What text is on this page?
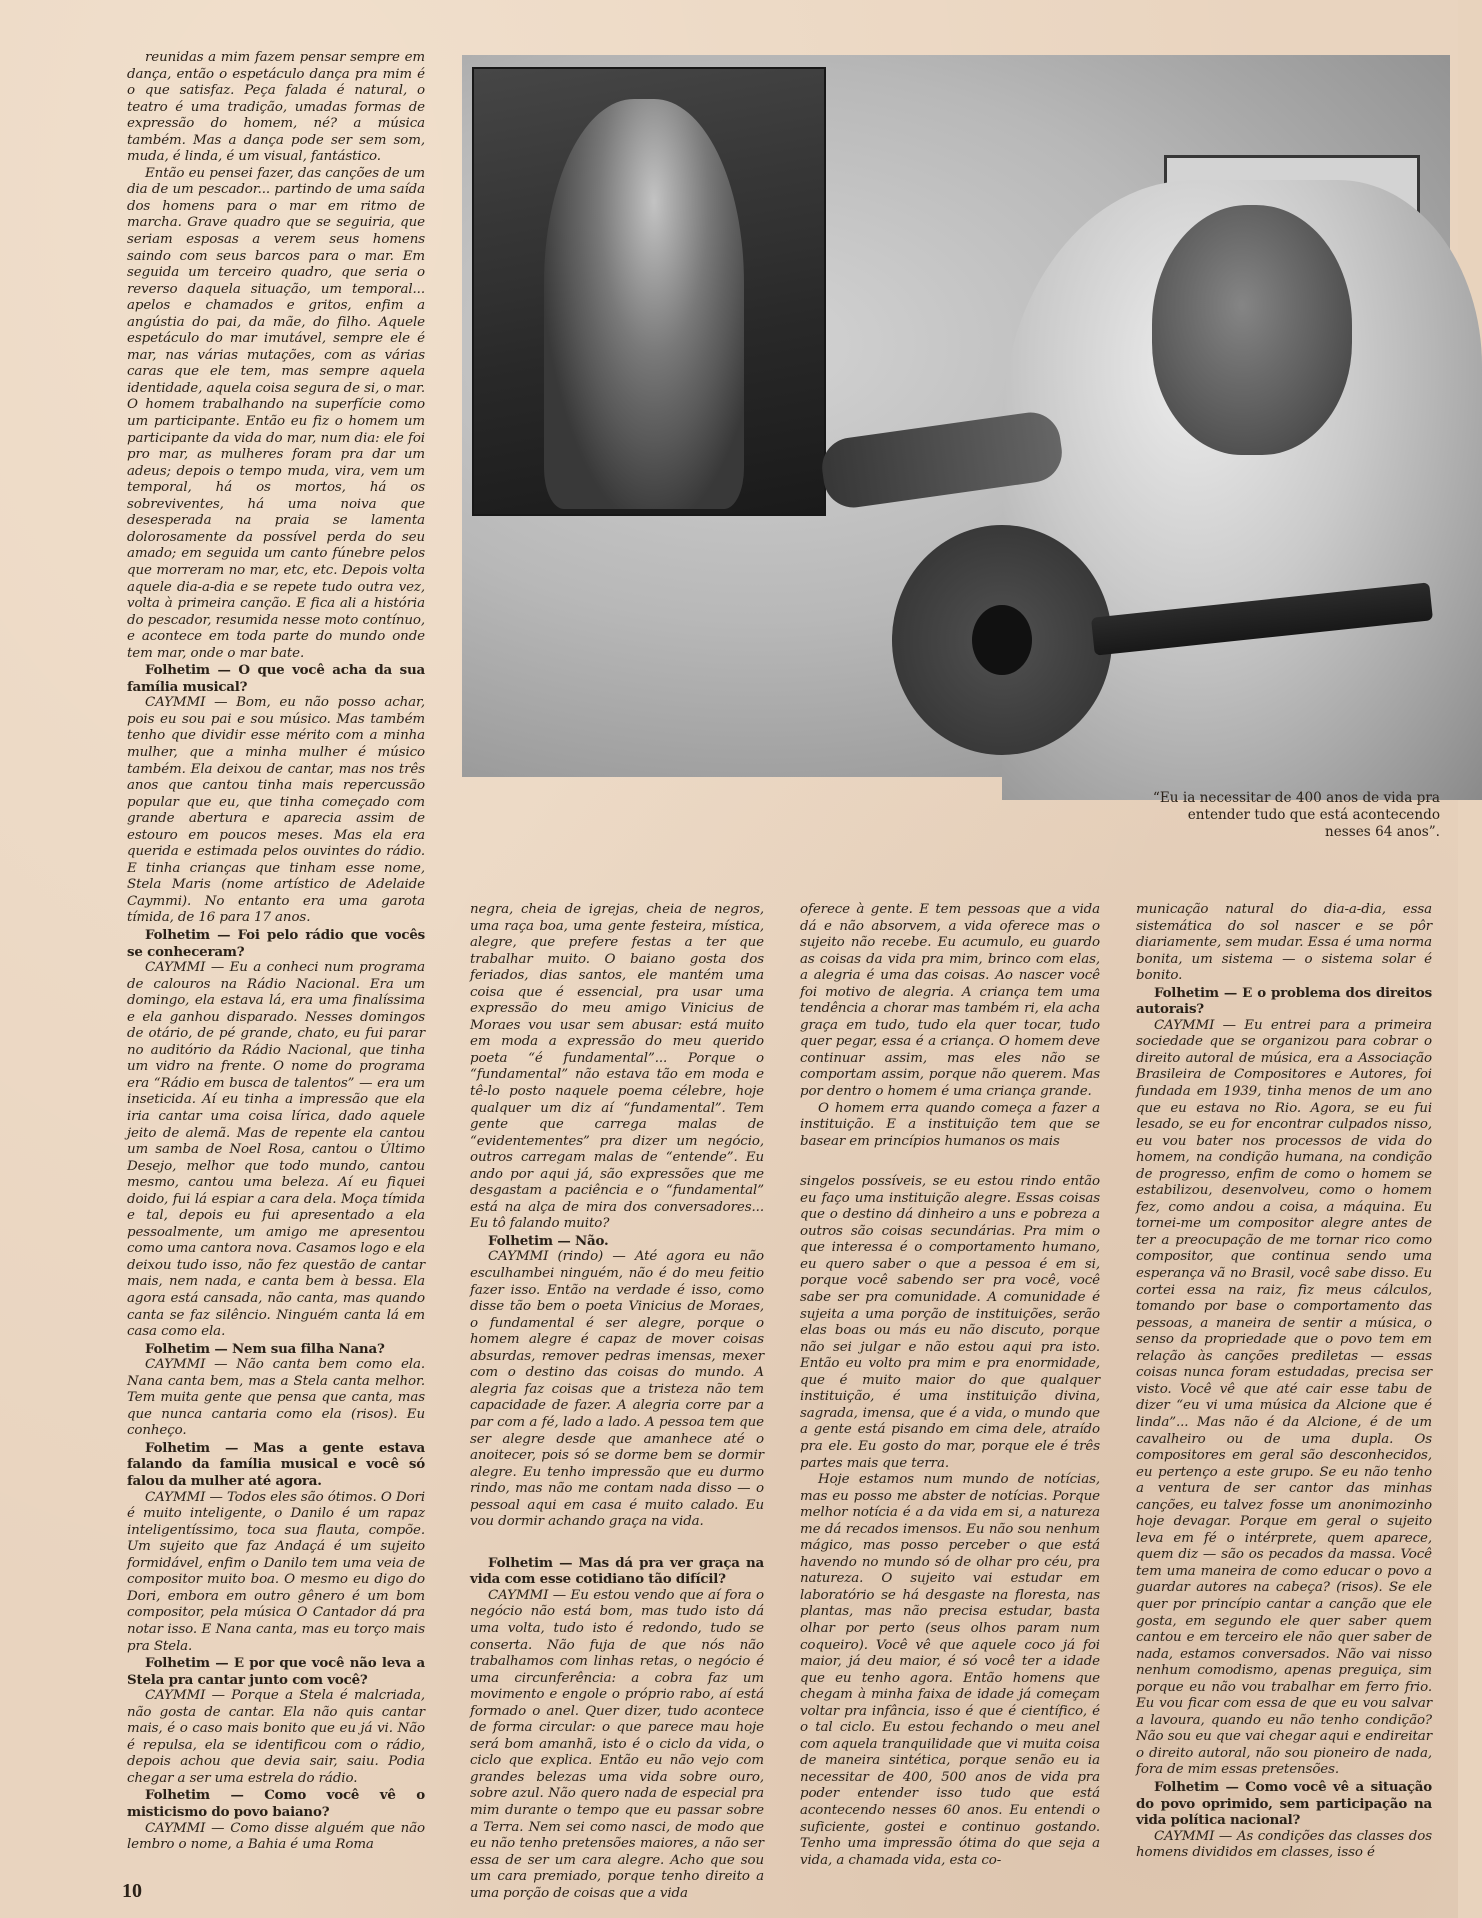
“Eu ia necessitar de 400 anos de vida pra entender tudo que está acontecendo nesses 64 anos”.

reunidas a mim fazem pensar sempre em dança, então o espetáculo dança pra mim é o que satisfaz. Peça falada é natural, o teatro é uma tradição, umadas formas de expressão do homem, né? a música também. Mas a dança pode ser sem som, muda, é linda, é um visual, fantástico.

Então eu pensei fazer, das canções de um dia de um pescador... partindo de uma saída dos homens para o mar em ritmo de marcha. Grave quadro que se seguiria, que seriam esposas a verem seus homens saindo com seus barcos para o mar. Em seguida um terceiro quadro, que seria o reverso daquela situação, um temporal... apelos e chamados e gritos, enfim a angústia do pai, da mãe, do filho. Aquele espetáculo do mar imutável, sempre ele é mar, nas várias mutações, com as várias caras que ele tem, mas sempre aquela identidade, aquela coisa segura de si, o mar. O homem trabalhando na superfície como um participante. Então eu fiz o homem um participante da vida do mar, num dia: ele foi pro mar, as mulheres foram pra dar um adeus; depois o tempo muda, vira, vem um temporal, há os mortos, há os sobreviventes, há uma noiva que desesperada na praia se lamenta dolorosamente da possível perda do seu amado; em seguida um canto fúnebre pelos que morreram no mar, etc, etc. Depois volta aquele dia-a-dia e se repete tudo outra vez, volta à primeira canção. E fica ali a história do pescador, resumida nesse moto contínuo, e acontece em toda parte do mundo onde tem mar, onde o mar bate.

Folhetim — O que você acha da sua família musical?

CAYMMI — Bom, eu não posso achar, pois eu sou pai e sou músico. Mas também tenho que dividir esse mérito com a minha mulher, que a minha mulher é músico também. Ela deixou de cantar, mas nos três anos que cantou tinha mais repercussão popular que eu, que tinha começado com grande abertura e aparecia assim de estouro em poucos meses. Mas ela era querida e estimada pelos ouvintes do rádio. E tinha crianças que tinham esse nome, Stela Maris (nome artístico de Adelaide Caymmi). No entanto era uma garota tímida, de 16 para 17 anos.

Folhetim — Foi pelo rádio que vocês se conheceram?

CAYMMI — Eu a conheci num programa de calouros na Rádio Nacional. Era um domingo, ela estava lá, era uma finalíssima e ela ganhou disparado. Nesses domingos de otário, de pé grande, chato, eu fui parar no auditório da Rádio Nacional, que tinha um vidro na frente. O nome do programa era “Rádio em busca de talentos” — era um inseticida. Aí eu tinha a impressão que ela iria cantar uma coisa lírica, dado aquele jeito de alemã. Mas de repente ela cantou um samba de Noel Rosa, cantou o Último Desejo, melhor que todo mundo, cantou mesmo, cantou uma beleza. Aí eu fiquei doido, fui lá espiar a cara dela. Moça tímida e tal, depois eu fui apresentado a ela pessoalmente, um amigo me apresentou como uma cantora nova. Casamos logo e ela deixou tudo isso, não fez questão de cantar mais, nem nada, e canta bem à bessa. Ela agora está cansada, não canta, mas quando canta se faz silêncio. Ninguém canta lá em casa como ela.

Folhetim — Nem sua filha Nana?

CAYMMI — Não canta bem como ela. Nana canta bem, mas a Stela canta melhor. Tem muita gente que pensa que canta, mas que nunca cantaria como ela (risos). Eu conheço.

Folhetim — Mas a gente estava falando da família musical e você só falou da mulher até agora.

CAYMMI — Todos eles são ótimos. O Dori é muito inteligente, o Danilo é um rapaz inteligentíssimo, toca sua flauta, compõe. Um sujeito que faz Andaçá é um sujeito formidável, enfim o Danilo tem uma veia de compositor muito boa. O mesmo eu digo do Dori, embora em outro gênero é um bom compositor, pela música O Cantador dá pra notar isso. E Nana canta, mas eu torço mais pra Stela.

Folhetim — E por que você não leva a Stela pra cantar junto com você?

CAYMMI — Porque a Stela é malcriada, não gosta de cantar. Ela não quis cantar mais, é o caso mais bonito que eu já vi. Não é repulsa, ela se identificou com o rádio, depois achou que devia sair, saiu. Podia chegar a ser uma estrela do rádio.

Folhetim — Como você vê o misticismo do povo baiano?

CAYMMI — Como disse alguém que não lembro o nome, a Bahia é uma Roma

negra, cheia de igrejas, cheia de negros, uma raça boa, uma gente festeira, mística, alegre, que prefere festas a ter que trabalhar muito. O baiano gosta dos feriados, dias santos, ele mantém uma coisa que é essencial, pra usar uma expressão do meu amigo Vinicius de Moraes vou usar sem abusar: está muito em moda a expressão do meu querido poeta “é fundamental”... Porque o “fundamental” não estava tão em moda e tê-lo posto naquele poema célebre, hoje qualquer um diz aí “fundamental”. Tem gente que carrega malas de “evidentementes” pra dizer um negócio, outros carregam malas de “entende”. Eu ando por aqui já, são expressões que me desgastam a paciência e o “fundamental” está na alça de mira dos conversadores... Eu tô falando muito?

Folhetim — Não.

CAYMMI (rindo) — Até agora eu não esculhambei ninguém, não é do meu feitio fazer isso. Então na verdade é isso, como disse tão bem o poeta Vinicius de Moraes, o fundamental é ser alegre, porque o homem alegre é capaz de mover coisas absurdas, remover pedras imensas, mexer com o destino das coisas do mundo. A alegria faz coisas que a tristeza não tem capacidade de fazer. A alegria corre par a par com a fé, lado a lado. A pessoa tem que ser alegre desde que amanhece até o anoitecer, pois só se dorme bem se dormir alegre. Eu tenho impressão que eu durmo rindo, mas não me contam nada disso — o pessoal aqui em casa é muito calado. Eu vou dormir achando graça na vida.

Folhetim — Mas dá pra ver graça na vida com esse cotidiano tão difícil?

CAYMMI — Eu estou vendo que aí fora o negócio não está bom, mas tudo isto dá uma volta, tudo isto é redondo, tudo se conserta. Não fuja de que nós não trabalhamos com linhas retas, o negócio é uma circunferência: a cobra faz um movimento e engole o próprio rabo, aí está formado o anel. Quer dizer, tudo acontece de forma circular: o que parece mau hoje será bom amanhã, isto é o ciclo da vida, o ciclo que explica. Então eu não vejo com grandes belezas uma vida sobre ouro, sobre azul. Não quero nada de especial pra mim durante o tempo que eu passar sobre a Terra. Nem sei como nasci, de modo que eu não tenho pretensões maiores, a não ser essa de ser um cara alegre. Acho que sou um cara premiado, porque tenho direito a uma porção de coisas que a vida

oferece à gente. E tem pessoas que a vida dá e não absorvem, a vida oferece mas o sujeito não recebe. Eu acumulo, eu guardo as coisas da vida pra mim, brinco com elas, a alegria é uma das coisas. Ao nascer você foi motivo de alegria. A criança tem uma tendência a chorar mas também ri, ela acha graça em tudo, tudo ela quer tocar, tudo quer pegar, essa é a criança. O homem deve continuar assim, mas eles não se comportam assim, porque não querem. Mas por dentro o homem é uma criança grande.

O homem erra quando começa a fazer a instituição. E a instituição tem que se basear em princípios humanos os mais

singelos possíveis, se eu estou rindo então eu faço uma instituição alegre. Essas coisas que o destino dá dinheiro a uns e pobreza a outros são coisas secundárias. Pra mim o que interessa é o comportamento humano, eu quero saber o que a pessoa é em si, porque você sabendo ser pra você, você sabe ser pra comunidade. A comunidade é sujeita a uma porção de instituições, serão elas boas ou más eu não discuto, porque não sei julgar e não estou aqui pra isto. Então eu volto pra mim e pra enormidade, que é muito maior do que qualquer instituição, é uma instituição divina, sagrada, imensa, que é a vida, o mundo que a gente está pisando em cima dele, atraído pra ele. Eu gosto do mar, porque ele é três partes mais que terra.

Hoje estamos num mundo de notícias, mas eu posso me abster de notícias. Porque melhor notícia é a da vida em si, a natureza me dá recados imensos. Eu não sou nenhum mágico, mas posso perceber o que está havendo no mundo só de olhar pro céu, pra natureza. O sujeito vai estudar em laboratório se há desgaste na floresta, nas plantas, mas não precisa estudar, basta olhar por perto (seus olhos param num coqueiro). Você vê que aquele coco já foi maior, já deu maior, é só você ter a idade que eu tenho agora. Então homens que chegam à minha faixa de idade já começam voltar pra infância, isso é que é científico, é o tal ciclo. Eu estou fechando o meu anel com aquela tranquilidade que vi muita coisa de maneira sintética, porque senão eu ia necessitar de 400, 500 anos de vida pra poder entender isso tudo que está acontecendo nesses 60 anos. Eu entendi o suficiente, gostei e continuo gostando. Tenho uma impressão ótima do que seja a vida, a chamada vida, esta co-

municação natural do dia-a-dia, essa sistemática do sol nascer e se pôr diariamente, sem mudar. Essa é uma norma bonita, um sistema — o sistema solar é bonito.

Folhetim — E o problema dos direitos autorais?

CAYMMI — Eu entrei para a primeira sociedade que se organizou para cobrar o direito autoral de música, era a Associação Brasileira de Compositores e Autores, foi fundada em 1939, tinha menos de um ano que eu estava no Rio. Agora, se eu fui lesado, se eu for encontrar culpados nisso, eu vou bater nos processos de vida do homem, na condição humana, na condição de progresso, enfim de como o homem se estabilizou, desenvolveu, como o homem fez, como andou a coisa, a máquina. Eu tornei-me um compositor alegre antes de ter a preocupação de me tornar rico como compositor, que continua sendo uma esperança vã no Brasil, você sabe disso. Eu cortei essa na raiz, fiz meus cálculos, tomando por base o comportamento das pessoas, a maneira de sentir a música, o senso da propriedade que o povo tem em relação às canções prediletas — essas coisas nunca foram estudadas, precisa ser visto. Você vê que até cair esse tabu de dizer “eu vi uma música da Alcione que é linda”... Mas não é da Alcione, é de um cavalheiro ou de uma dupla. Os compositores em geral são desconhecidos, eu pertenço a este grupo. Se eu não tenho a ventura de ser cantor das minhas canções, eu talvez fosse um anonimozinho hoje devagar. Porque em geral o sujeito leva em fé o intérprete, quem aparece, quem diz — são os pecados da massa. Você tem uma maneira de como educar o povo a guardar autores na cabeça? (risos). Se ele quer por princípio cantar a canção que ele gosta, em segundo ele quer saber quem cantou e em terceiro ele não quer saber de nada, estamos conversados. Não vai nisso nenhum comodismo, apenas preguiça, sim porque eu não vou trabalhar em ferro frio. Eu vou ficar com essa de que eu vou salvar a lavoura, quando eu não tenho condição? Não sou eu que vai chegar aqui e endireitar o direito autoral, não sou pioneiro de nada, fora de mim essas pretensões.

Folhetim — Como você vê a situação do povo oprimido, sem participação na vida política nacional?

CAYMMI — As condições das classes dos homens divididos em classes, isso é

10
